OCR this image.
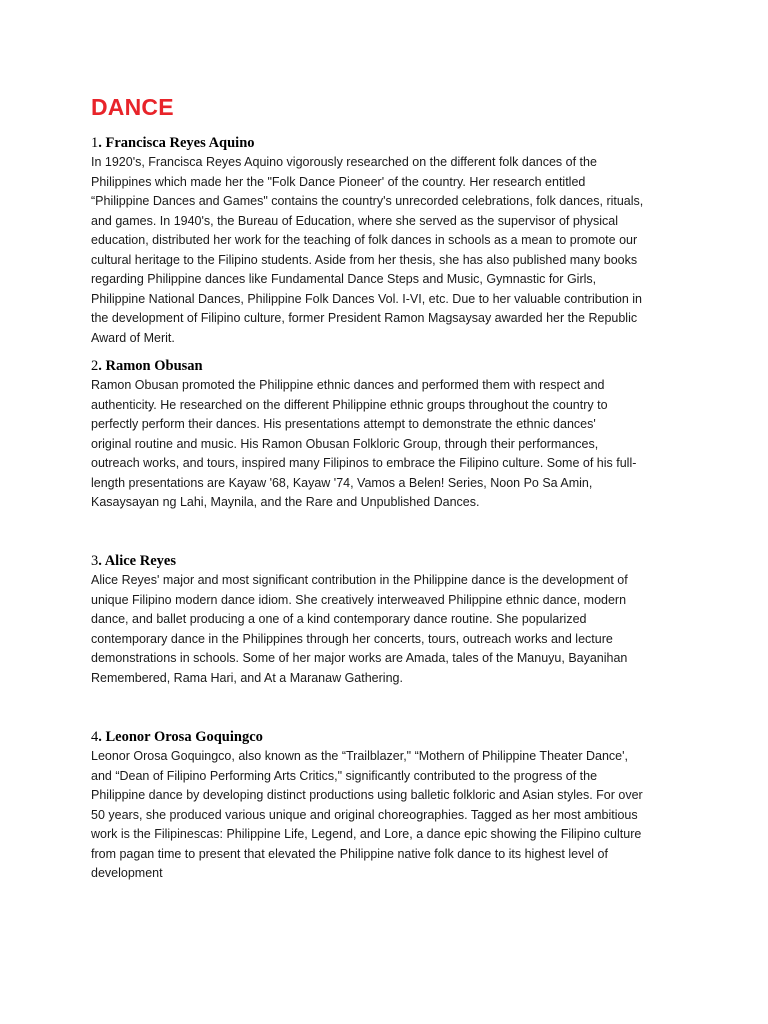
DANCE
1. Francisca Reyes Aquino

In 1920's, Francisca Reyes Aquino vigorously researched on the different folk dances of the
Philippines which made her the "Folk Dance Pioneer' of the country. Her research entitled
“Philippine Dances and Games" contains the country's unrecorded celebrations, folk dances, rituals,
and games. In 1940's, the Bureau of Education, where she served as the supervisor of physical
education, distributed her work for the teaching of folk dances in schools as a mean to promote our
cultural heritage to the Filipino students. Aside from her thesis, she has also published many books
regarding Philippine dances like Fundamental Dance Steps and Music, Gymnastic for Girls,
Philippine National Dances, Philippine Folk Dances Vol. I-VI, etc. Due to her valuable contribution in
the development of Filipino culture, former President Ramon Magsaysay awarded her the Republic
Award of Merit.

2. Ramon Obusan

Ramon Obusan promoted the Philippine ethnic dances and performed them with respect and
authenticity. He researched on the different Philippine ethnic groups throughout the country to
perfectly perform their dances. His presentations attempt to demonstrate the ethnic dances'
original routine and music. His Ramon Obusan Folkloric Group, through their performances,
outreach works, and tours, inspired many Filipinos to embrace the Filipino culture. Some of his full-
length presentations are Kayaw '68, Kayaw '74, Vamos a Belen! Series, Noon Po Sa Amin,
Kasaysayan ng Lahi, Maynila, and the Rare and Unpublished Dances.

3. Alice Reyes

Alice Reyes' major and most significant contribution in the Philippine dance is the development of
unique Filipino modern dance idiom. She creatively interweaved Philippine ethnic dance, modern
dance, and ballet producing a one of a kind contemporary dance routine. She popularized
contemporary dance in the Philippines through her concerts, tours, outreach works and lecture
demonstrations in schools. Some of her major works are Amada, tales of the Manuyu, Bayanihan
Remembered, Rama Hari, and At a Maranaw Gathering.

4. Leonor Orosa Goquingco

Leonor Orosa Goquingco, also known as the “Trailblazer," “Mothern of Philippine Theater Dance',
and “Dean of Filipino Performing Arts Critics," significantly contributed to the progress of the
Philippine dance by developing distinct productions using balletic folkloric and Asian styles. For over
50 years, she produced various unique and original choreographies. Tagged as her most ambitious
work is the Filipinescas: Philippine Life, Legend, and Lore, a dance epic showing the Filipino culture
from pagan time to present that elevated the Philippine native folk dance to its highest level of
development
